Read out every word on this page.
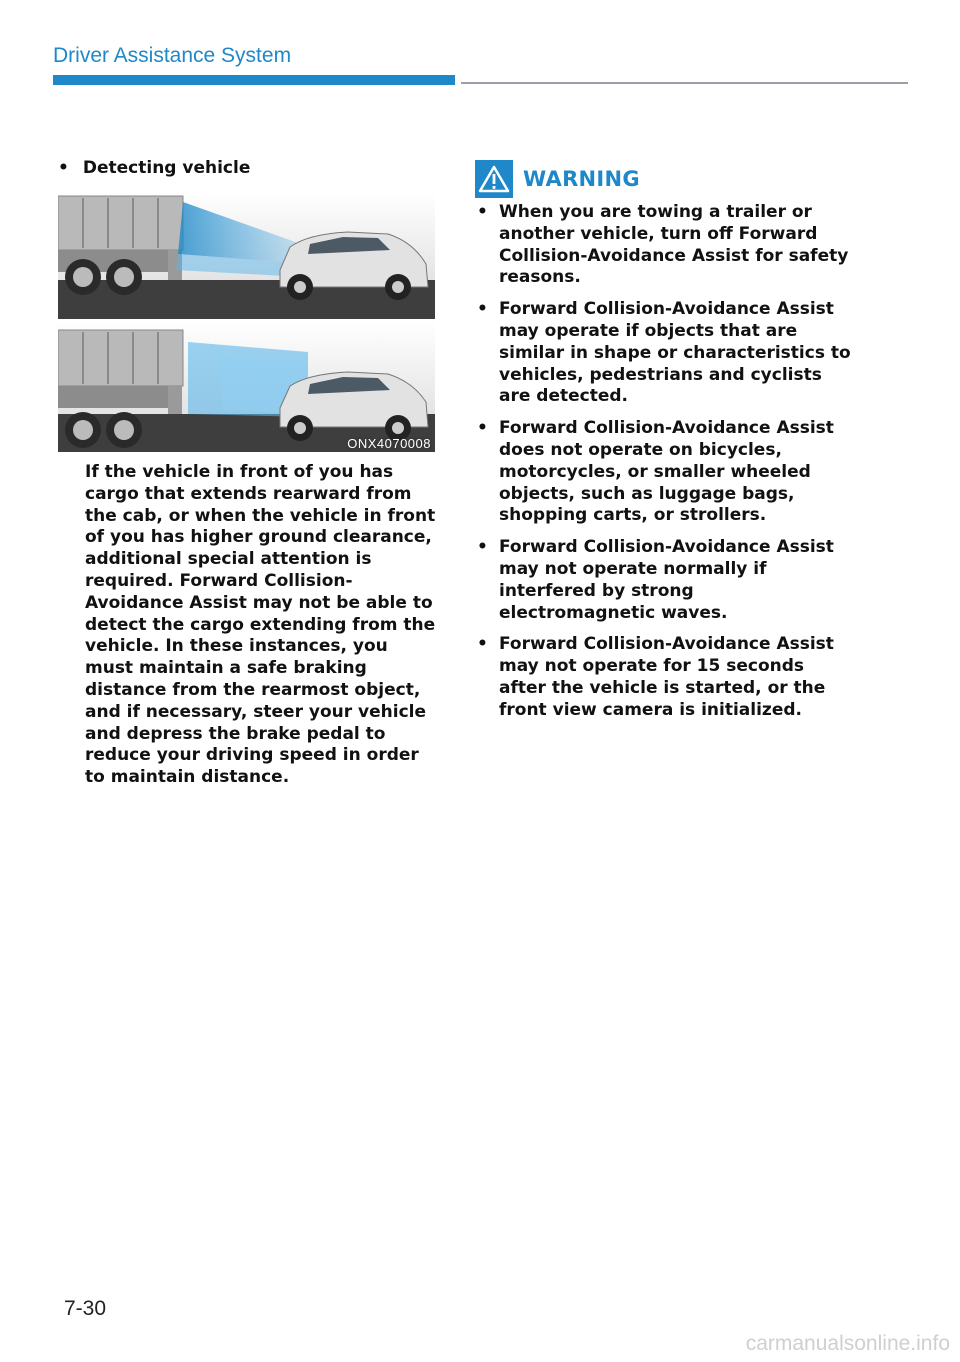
Driver Assistance System
• Detecting vehicle
ONX4070008

If the vehicle in front of you has cargo that extends rearward from the cab, or when the vehicle in front of you has higher ground clearance, additional special attention is required. Forward Collision-Avoidance Assist may not be able to detect the cargo extending from the vehicle. In these instances, you must maintain a safe braking distance from the rearmost object, and if necessary, steer your vehicle and depress the brake pedal to reduce your driving speed in order to maintain distance.

WARNING
• When you are towing a trailer or another vehicle, turn off Forward Collision-Avoidance Assist for safety reasons.
• Forward Collision-Avoidance Assist may operate if objects that are similar in shape or characteristics to vehicles, pedestrians and cyclists are detected.
• Forward Collision-Avoidance Assist does not operate on bicycles, motorcycles, or smaller wheeled objects, such as luggage bags, shopping carts, or strollers.
• Forward Collision-Avoidance Assist may not operate normally if interfered by strong electromagnetic waves.
• Forward Collision-Avoidance Assist may not operate for 15 seconds after the vehicle is started, or the front view camera is initialized.
7-30
carmanualsonline.info
